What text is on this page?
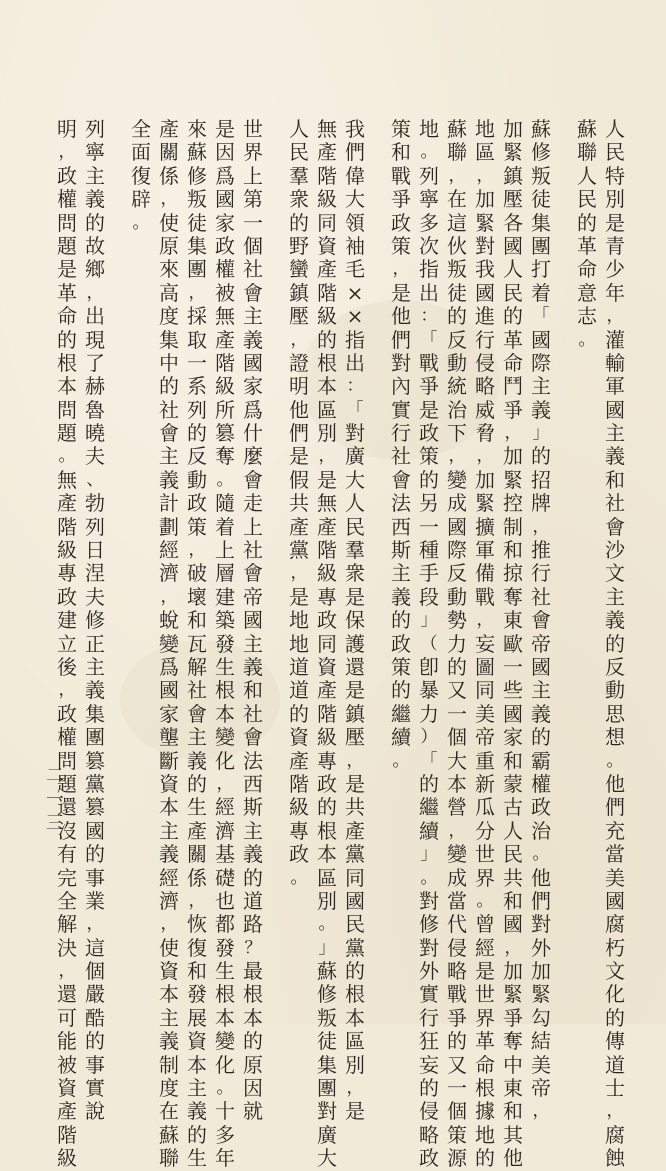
人
民
特
別
是
青
少
年
，
灌
輸
軍
國
主
義
和
社
會
沙
文
主
義
的
反
動
思
想
。
他
們
充
當
美
國
腐
朽
文
化
的
傳
道
士
，
腐
蝕
蘇
聯
人
民
的
革
命
意
志
。
蘇
修
叛
徒
集
團
打
着
「
國
際
主
義
」
的
招
牌
，
推
行
社
會
帝
國
主
義
的
霸
權
政
治
。
他
們
對
外
加
緊
勾
結
美
帝
，
加
緊
鎮
壓
各
國
人
民
的
革
命
鬥
爭
，
加
緊
控
制
和
掠
奪
東
歐
一
些
國
家
和
蒙
古
人
民
共
和
國
，
加
緊
爭
奪
中
東
和
其
他
地
區
，
加
緊
對
我
國
進
行
侵
略
威
脅
，
加
緊
擴
軍
備
戰
，
妄
圖
同
美
帝
重
新
瓜
分
世
界
。
曾
經
是
世
界
革
命
根
據
地
的
蘇
聯
，
在
這
伙
叛
徒
的
反
動
統
治
下
，
變
成
國
際
反
動
勢
力
的
又
一
個
大
本
營
，
變
成
當
代
侵
略
戰
爭
的
又
一
個
策
源
地
。
列
寧
多
次
指
出
：
「
戰
爭
是
政
策
的
另
一
種
手
段
」
（
卽
暴
力
）
「
的
繼
續
」
。
對
修
對
外
實
行
狂
妄
的
侵
略
政
策
和
戰
爭
政
策
，
是
他
們
對
內
實
行
社
會
法
西
斯
主
義
的
政
策
的
繼
續
。
我
們
偉
大
領
袖
毛
×
×
指
出
：
「
對
廣
大
人
民
羣
衆
是
保
護
還
是
鎮
壓
，
是
共
產
黨
同
國
民
黨
的
根
本
區
別
，
是
無
產
階
級
同
資
產
階
級
的
根
本
區
別
，
是
無
產
階
級
專
政
同
資
產
階
級
專
政
的
根
本
區
別
。
」
蘇
修
叛
徒
集
團
對
廣
大
人
民
羣
衆
的
野
蠻
鎮
壓
，
證
明
他
們
是
假
共
產
黨
，
是
地
地
道
道
的
資
產
階
級
專
政
。
世
界
上
第
一
個
社
會
主
義
國
家
爲
什
麼
會
走
上
社
會
帝
國
主
義
和
社
會
法
西
斯
主
義
的
道
路
？
最
根
本
的
原
因
就
是
因
爲
國
家
政
權
被
無
產
階
級
所
篡
奪
。
隨
着
上
層
建
築
發
生
根
本
變
化
，
經
濟
基
礎
也
都
發
生
根
本
變
化
。
十
多
年
來
蘇
修
叛
徒
集
團
，
採
取
一
系
列
的
反
動
政
策
，
破
壞
和
瓦
解
社
會
主
義
的
生
產
關
係
，
恢
復
和
發
展
資
本
主
義
的
生
產
關
係
，
使
原
來
高
度
集
中
的
社
會
主
義
計
劃
經
濟
，
蛻
變
爲
國
家
壟
斷
資
本
主
義
經
濟
，
使
資
本
主
義
制
度
在
蘇
聯
全
面
復
辟
。
列
寧
主
義
的
故
鄉
，
出
現
了
赫
魯
曉
夫
、
勃
列
日
涅
夫
修
正
主
義
集
團
篡
黨
篡
國
的
事
業
，
這
個
嚴
酷
的
事
實
說
明
，
政
權
問
題
是
革
命
的
根
本
問
題
。
無
產
階
級
專
政
建
立
後
，
政
權
問
題
還
沒
有
完
全
解
決
，
還
可
能
被
資
產
階
級
二
一
三
